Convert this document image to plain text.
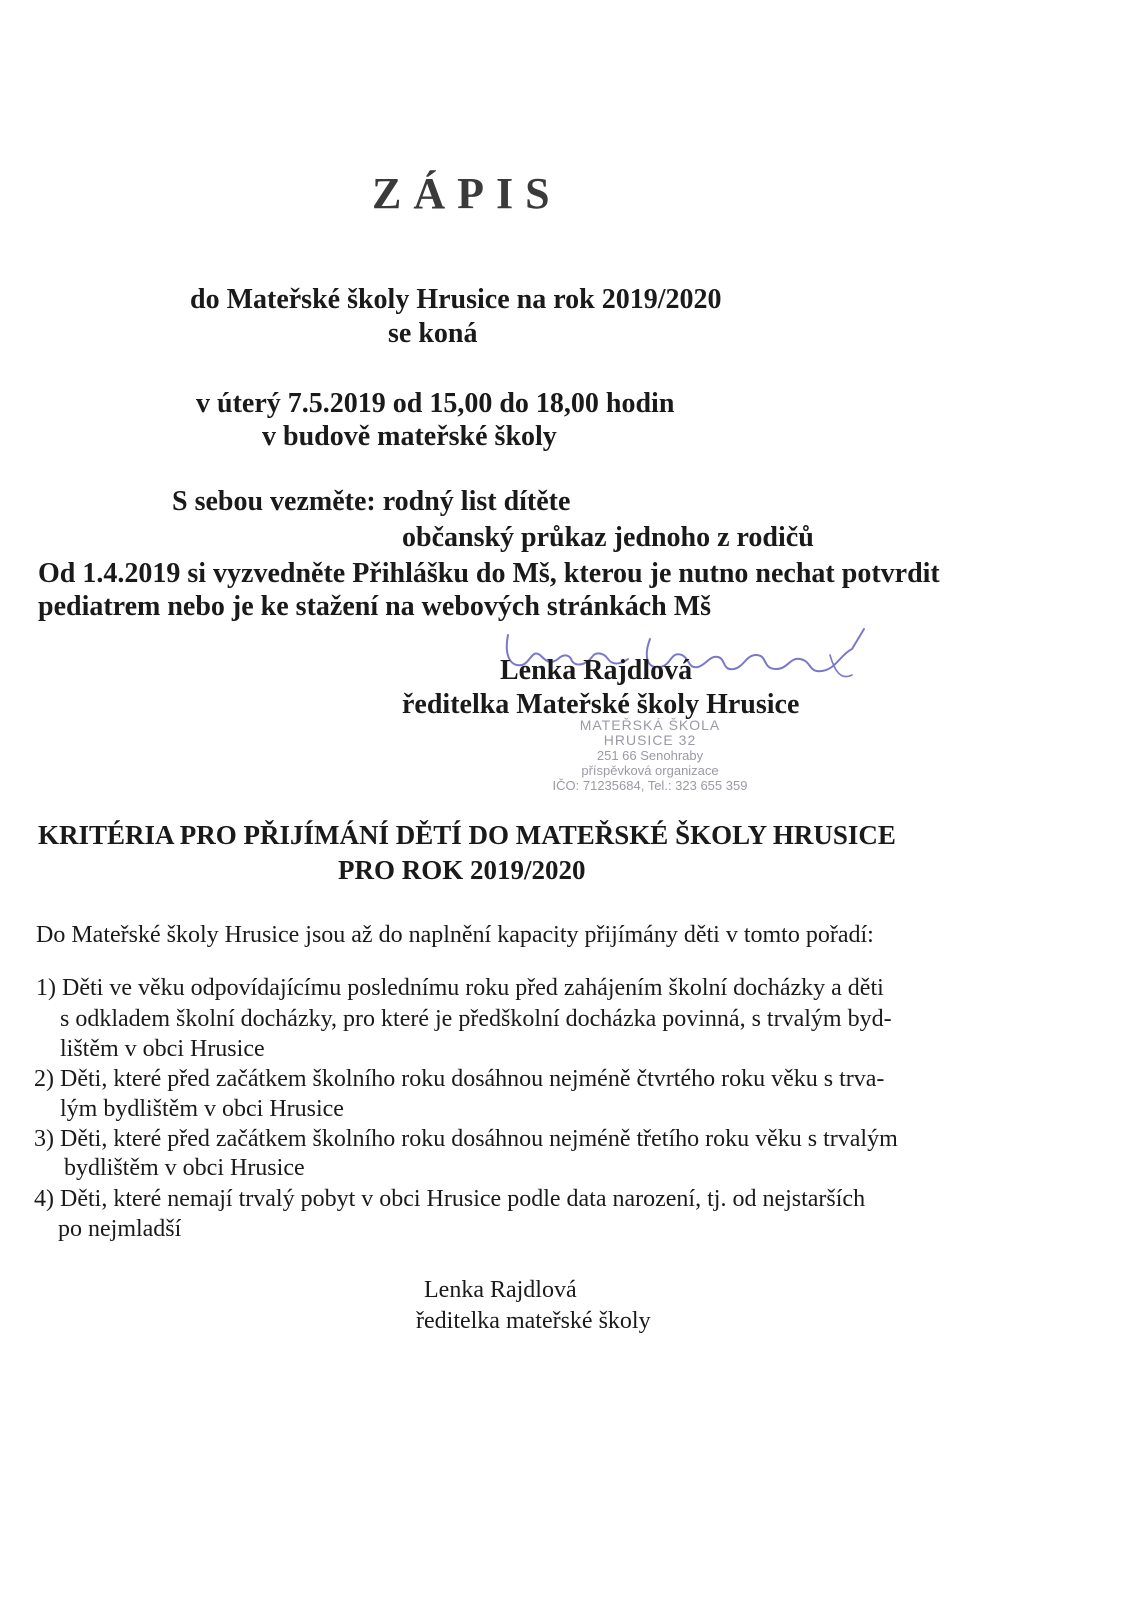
ZÁPIS
do Mateřské školy Hrusice na rok 2019/2020
se koná
v úterý 7.5.2019 od 15,00 do 18,00 hodin
v budově mateřské školy
S sebou vezměte: rodný list dítěte
občanský průkaz jednoho z rodičů
Od 1.4.2019 si vyzvedněte Přihlášku do Mš, kterou je nutno nechat potvrdit
pediatrem nebo je ke stažení na webových stránkách Mš
Lenka Rajdlová
ředitelka Mateřské školy Hrusice
MATEŘSKÁ ŠKOLA
HRUSICE 32
251 66 Senohraby
příspěvková organizace
IČO: 71235684, Tel.: 323 655 359
KRITÉRIA PRO PŘIJÍMÁNÍ DĚTÍ DO MATEŘSKÉ ŠKOLY HRUSICE
PRO ROK 2019/2020
Do Mateřské školy Hrusice jsou až do naplnění kapacity přijímány děti v tomto pořadí:
1) Děti ve věku odpovídajícímu poslednímu roku před zahájením školní docházky a děti
s odkladem školní docházky, pro které je předškolní docházka povinná, s trvalým byd-
lištěm v obci Hrusice
2) Děti, které před začátkem školního roku dosáhnou nejméně čtvrtého roku věku s trva-
lým bydlištěm v obci Hrusice
3) Děti, které před začátkem školního roku dosáhnou nejméně třetího roku věku s trvalým
bydlištěm v obci Hrusice
4) Děti, které nemají trvalý pobyt v obci Hrusice podle data narození, tj. od nejstarších
po nejmladší
Lenka Rajdlová
ředitelka mateřské školy
